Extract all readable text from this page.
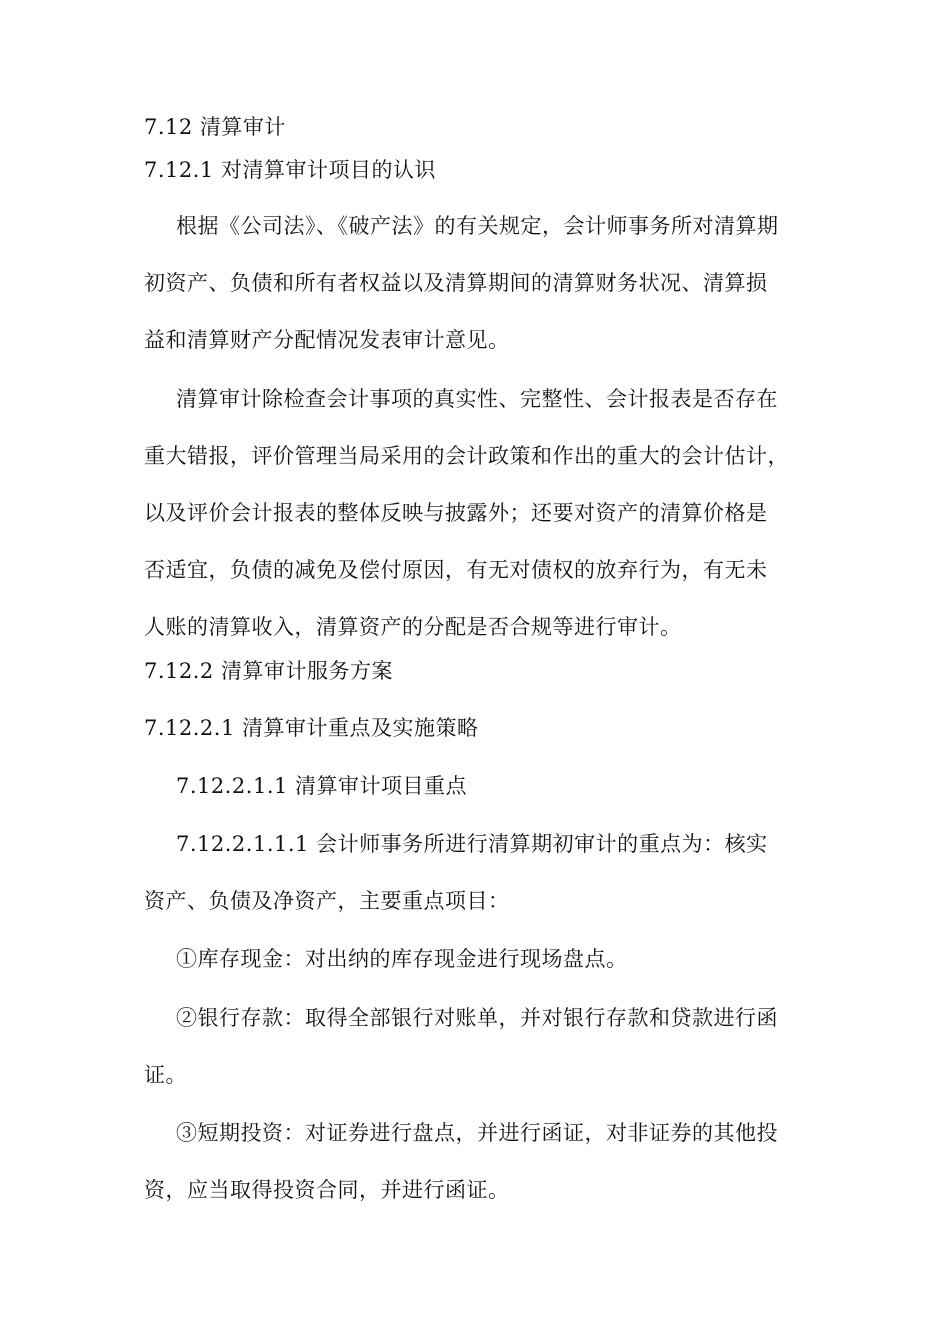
7.12 清算审计
7.12.1 对清算审计项目的认识
根据《公司法》、《破产法》的有关规定，会计师事务所对清算期
初资产、负债和所有者权益以及清算期间的清算财务状况、清算损
益和清算财产分配情况发表审计意见。
清算审计除检查会计事项的真实性、完整性、会计报表是否存在
重大错报，评价管理当局采用的会计政策和作出的重大的会计估计，
以及评价会计报表的整体反映与披露外；还要对资产的清算价格是
否适宜，负债的减免及偿付原因，有无对债权的放弃行为，有无未
人账的清算收入，清算资产的分配是否合规等进行审计。
7.12.2 清算审计服务方案
7.12.2.1 清算审计重点及实施策略
7.12.2.1.1 清算审计项目重点
7.12.2.1.1.1 会计师事务所进行清算期初审计的重点为：核实
资产、负债及净资产，主要重点项目：
①库存现金：对出纳的库存现金进行现场盘点。
②银行存款：取得全部银行对账单，并对银行存款和贷款进行函
证。
③短期投资：对证券进行盘点，并进行函证，对非证券的其他投
资，应当取得投资合同，并进行函证。
